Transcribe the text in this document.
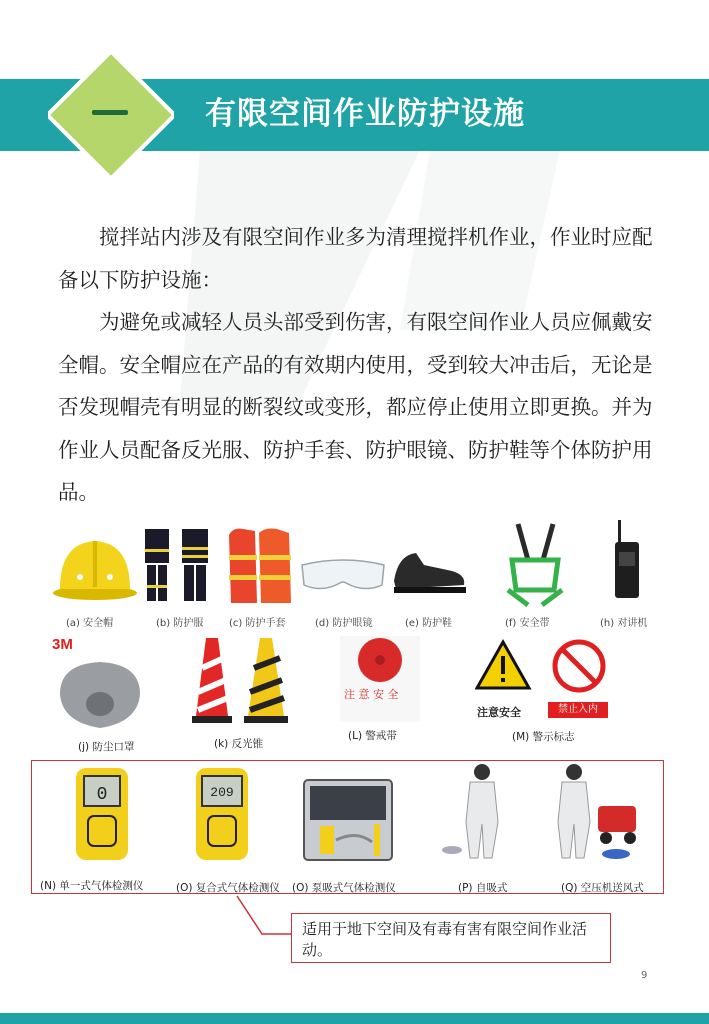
有限空间作业防护设施

搅拌站内涉及有限空间作业多为清理搅拌机作业，作业时应配备以下防护设施：

为避免或减轻人员头部受到伤害，有限空间作业人员应佩戴安全帽。安全帽应在产品的有效期内使用，受到较大冲击后，无论是否发现帽壳有明显的断裂纹或变形，都应停止使用立即更换。并为作业人员配备反光服、防护手套、防护眼镜、防护鞋等个体防护用品。

(a) 安全帽	(b) 防护服	(c) 防护手套	(d) 防护眼镜	(e) 防护鞋	(f) 安全带	(h) 对讲机
3M
注 意 安 全
注意安全	禁止入内
(j) 防尘口罩	(k) 反光锥
(L) 警戒带	(M) 警示标志
0	209
(N) 单一式气体检测仪	(O) 复合式气体检测仪 (O) 泵吸式气体检测仪	(P) 自吸式	(Q) 空压机送风式
适用于地下空间及有毒有害有限空间作业活动。
9
